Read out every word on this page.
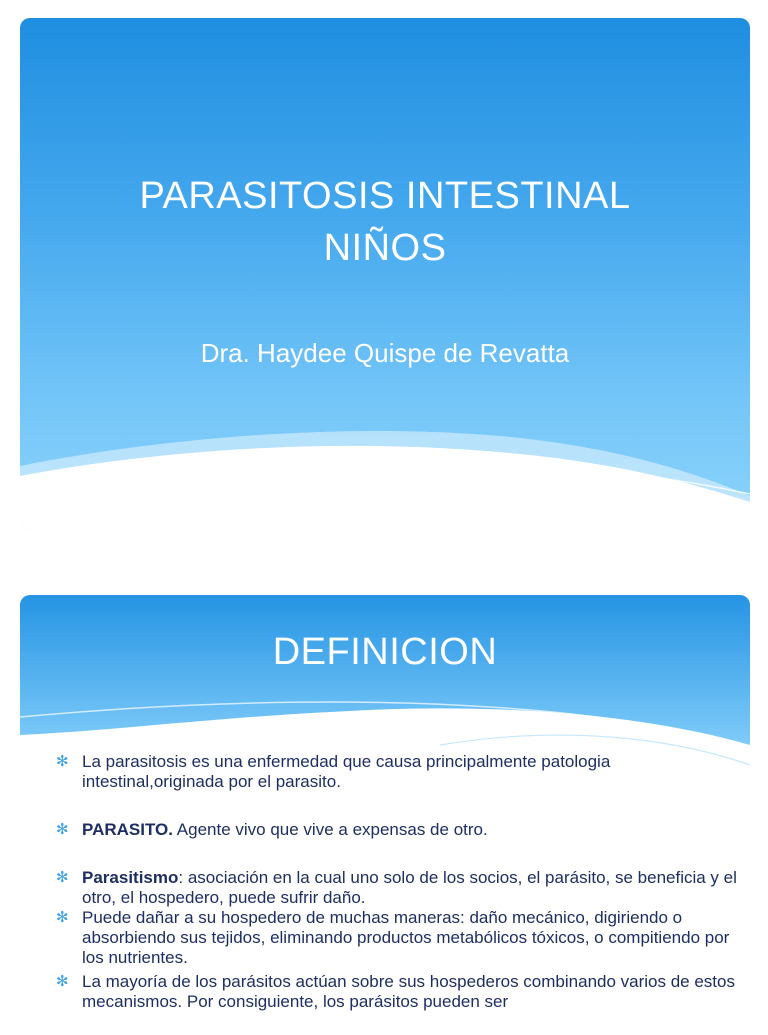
PARASITOSIS INTESTINAL
NIÑOS
Dra. Haydee Quispe de Revatta
DEFINICION
✻ La parasitosis es una enfermedad que causa principalmente patologia intestinal,originada por el parasito.
✻ PARASITO. Agente vivo que vive a expensas de otro.
✻ Parasitismo: asociación en la cual uno solo de los socios, el parásito, se beneficia y el otro, el hospedero, puede sufrir daño.
✻ Puede dañar a su hospedero de muchas maneras: daño mecánico, digiriendo o absorbiendo sus tejidos, eliminando productos metabólicos tóxicos, o compitiendo por los nutrientes.
✻ La mayoría de los parásitos actúan sobre sus hospederos combinando varios de estos mecanismos. Por consiguiente, los parásitos pueden ser
